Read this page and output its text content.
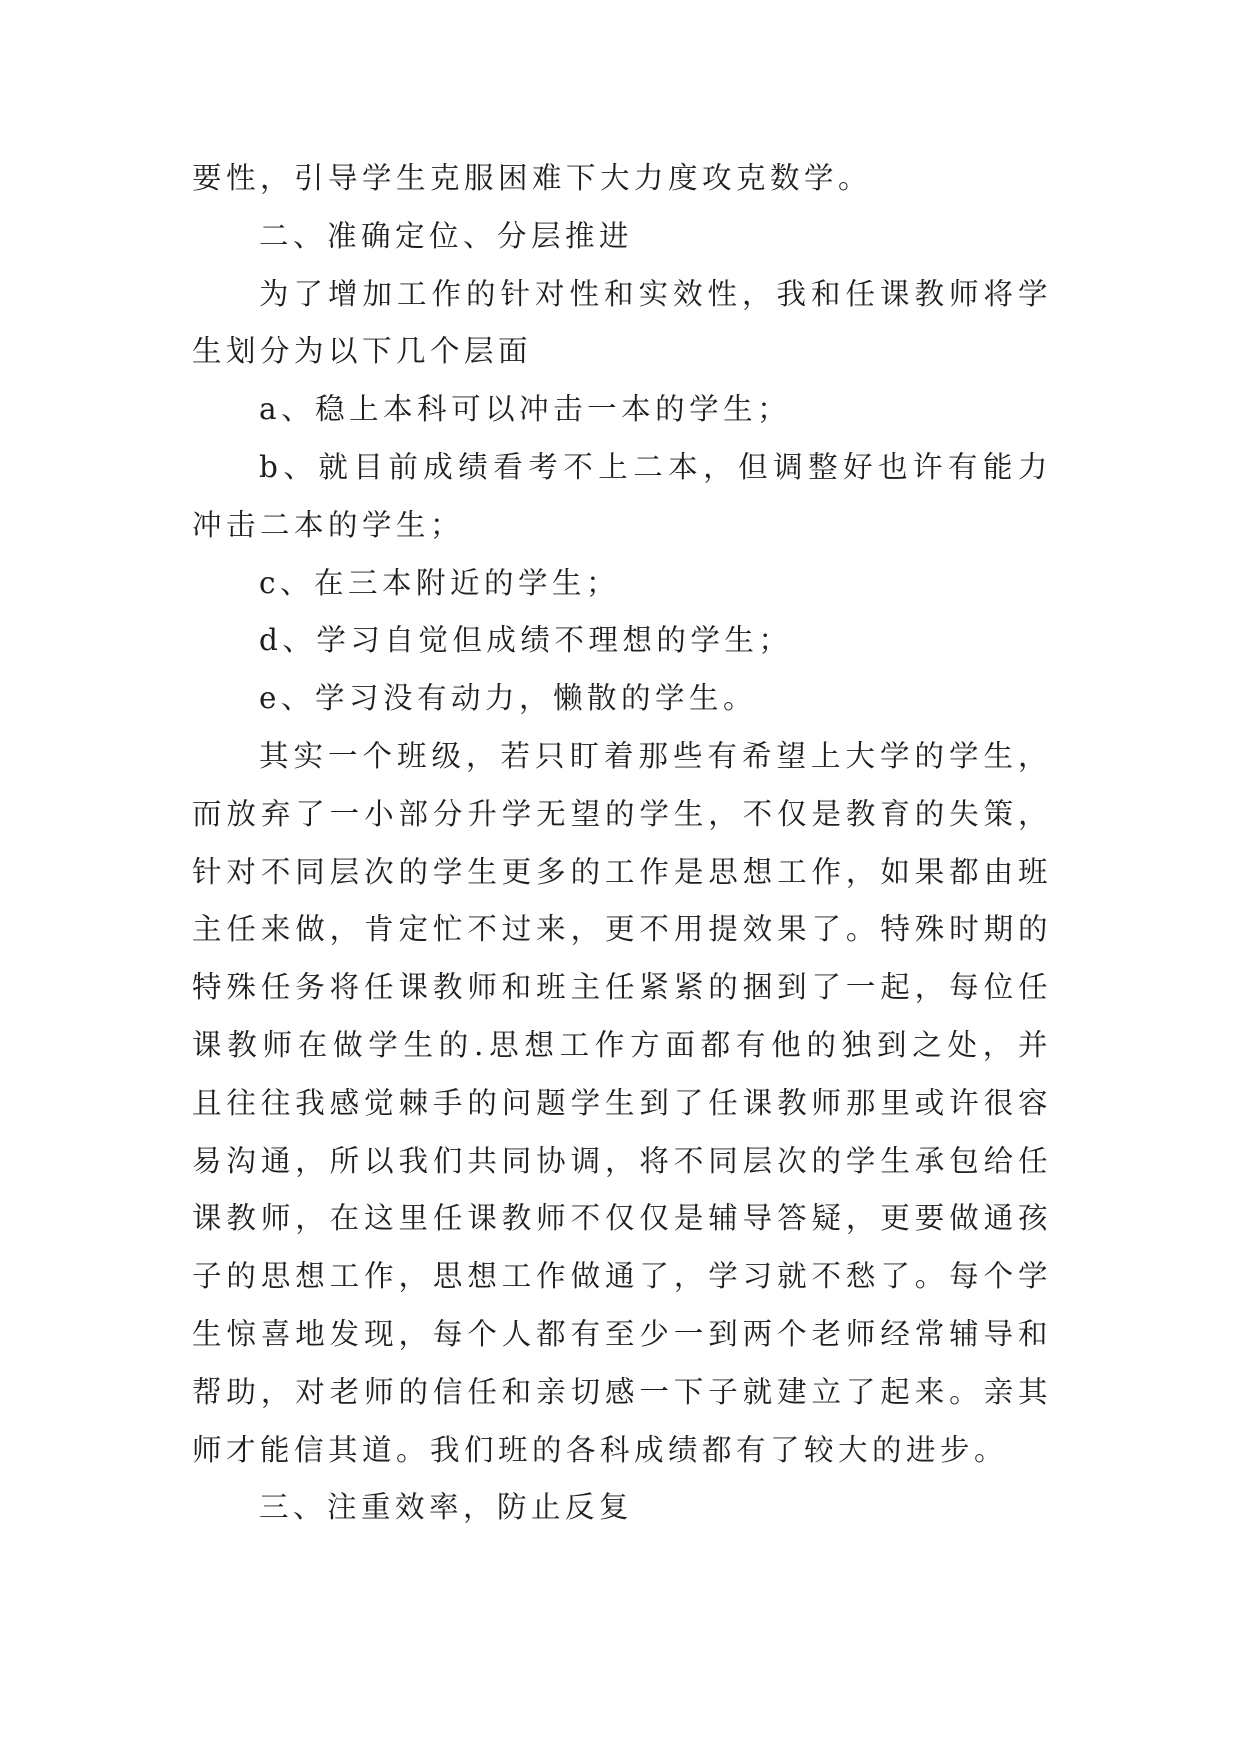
要性，引导学生克服困难下大力度攻克数学。

二、准确定位、分层推进

为了增加工作的针对性和实效性，我和任课教师将学生划分为以下几个层面

a、稳上本科可以冲击一本的学生；

b、就目前成绩看考不上二本，但调整好也许有能力冲击二本的学生；

c、在三本附近的学生；

d、学习自觉但成绩不理想的学生；

e、学习没有动力，懒散的学生。

其实一个班级，若只盯着那些有希望上大学的学生，而放弃了一小部分升学无望的学生，不仅是教育的失策，针对不同层次的学生更多的工作是思想工作，如果都由班主任来做，肯定忙不过来，更不用提效果了。特殊时期的特殊任务将任课教师和班主任紧紧的捆到了一起，每位任课教师在做学生的.思想工作方面都有他的独到之处，并且往往我感觉棘手的问题学生到了任课教师那里或许很容易沟通，所以我们共同协调，将不同层次的学生承包给任课教师，在这里任课教师不仅仅是辅导答疑，更要做通孩子的思想工作，思想工作做通了，学习就不愁了。每个学生惊喜地发现，每个人都有至少一到两个老师经常辅导和帮助，对老师的信任和亲切感一下子就建立了起来。亲其师才能信其道。我们班的各科成绩都有了较大的进步。

三、注重效率，防止反复
